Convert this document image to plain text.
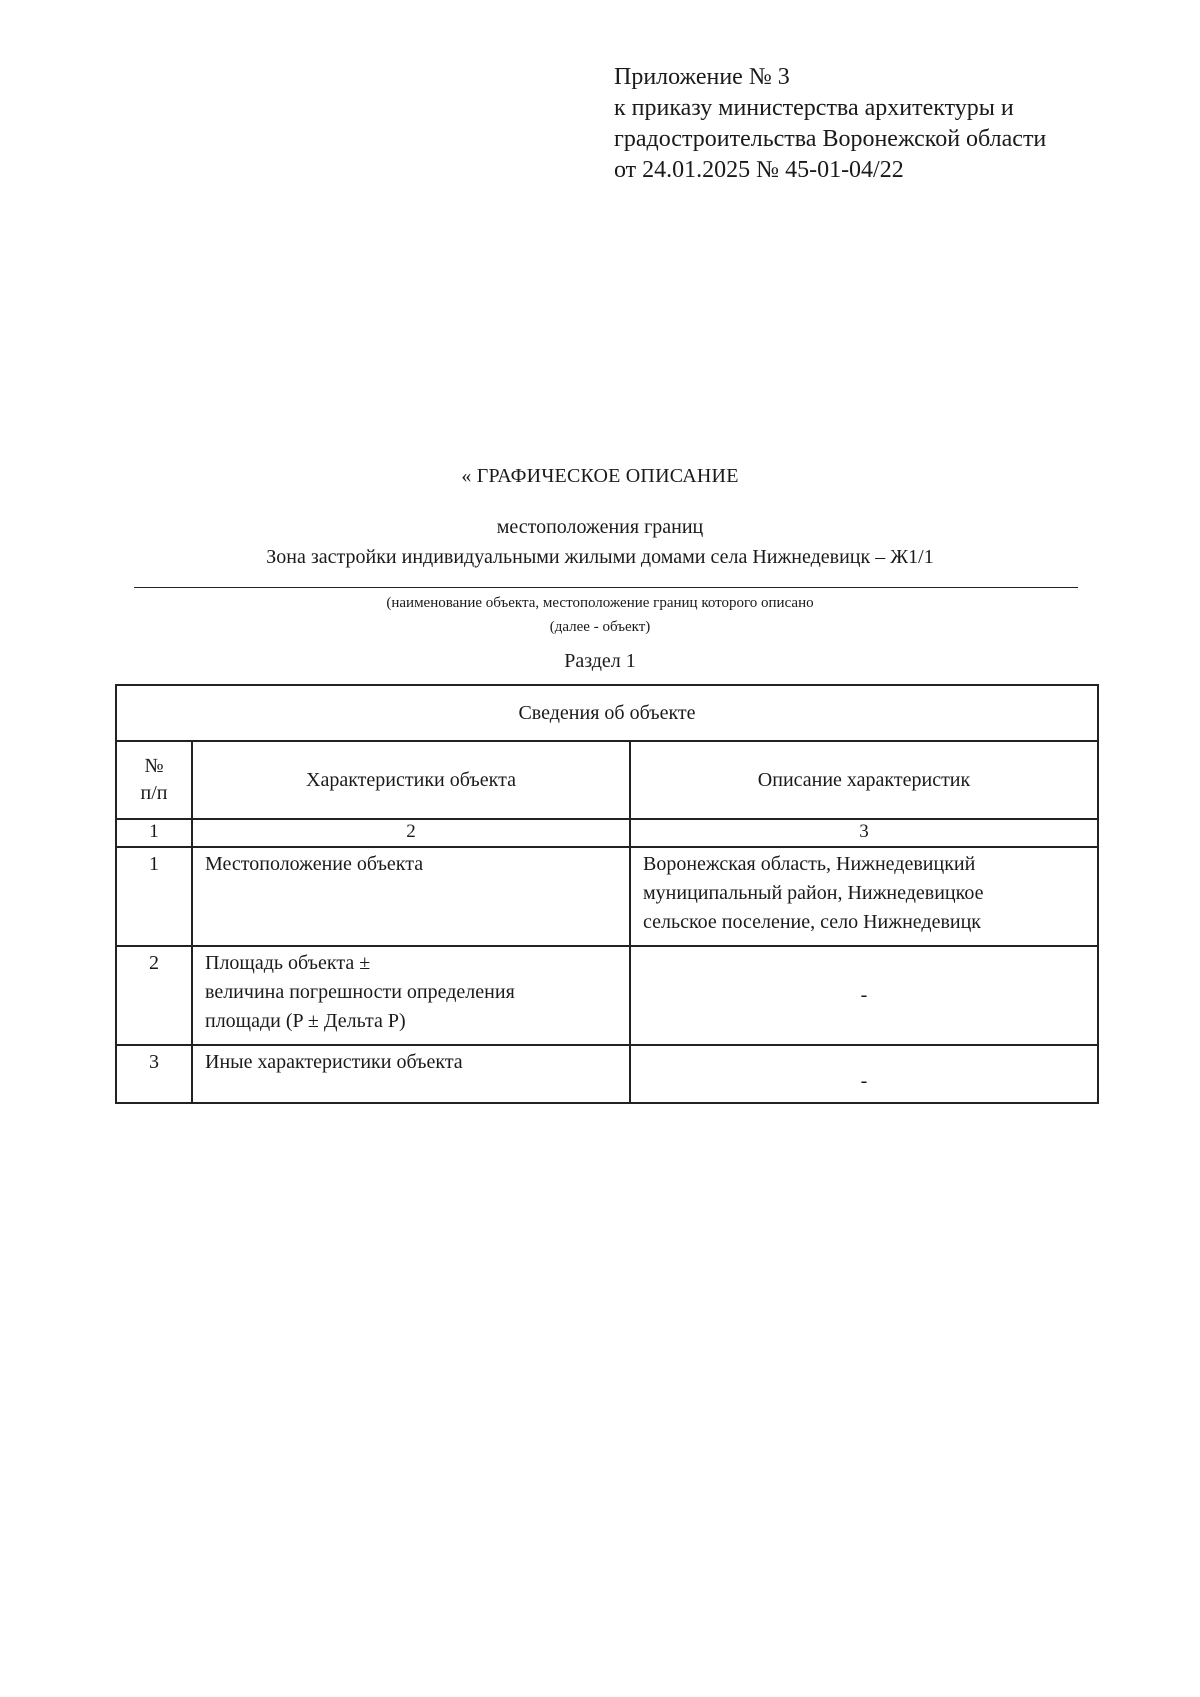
Приложение № 3
к приказу министерства архитектуры и
градостроительства Воронежской области
от 24.01.2025 № 45-01-04/22
« ГРАФИЧЕСКОЕ ОПИСАНИЕ
местоположения границ
Зона застройки индивидуальными жилыми домами села Нижнедевицк – Ж1/1
(наименование объекта, местоположение границ которого описано
(далее - объект)
Раздел 1
Сведения об объекте		

№
п/п	Характеристики объекта	Описание характеристик
1	2	3
1	Местоположение объекта	Воронежская область, Нижнедевицкий
муниципальный район, Нижнедевицкое
сельское поселение, село Нижнедевицк

2	Площадь объекта ±
величина погрешности определения
площади (P ± Дельта P)	-
3	Иные характеристики объекта	-
